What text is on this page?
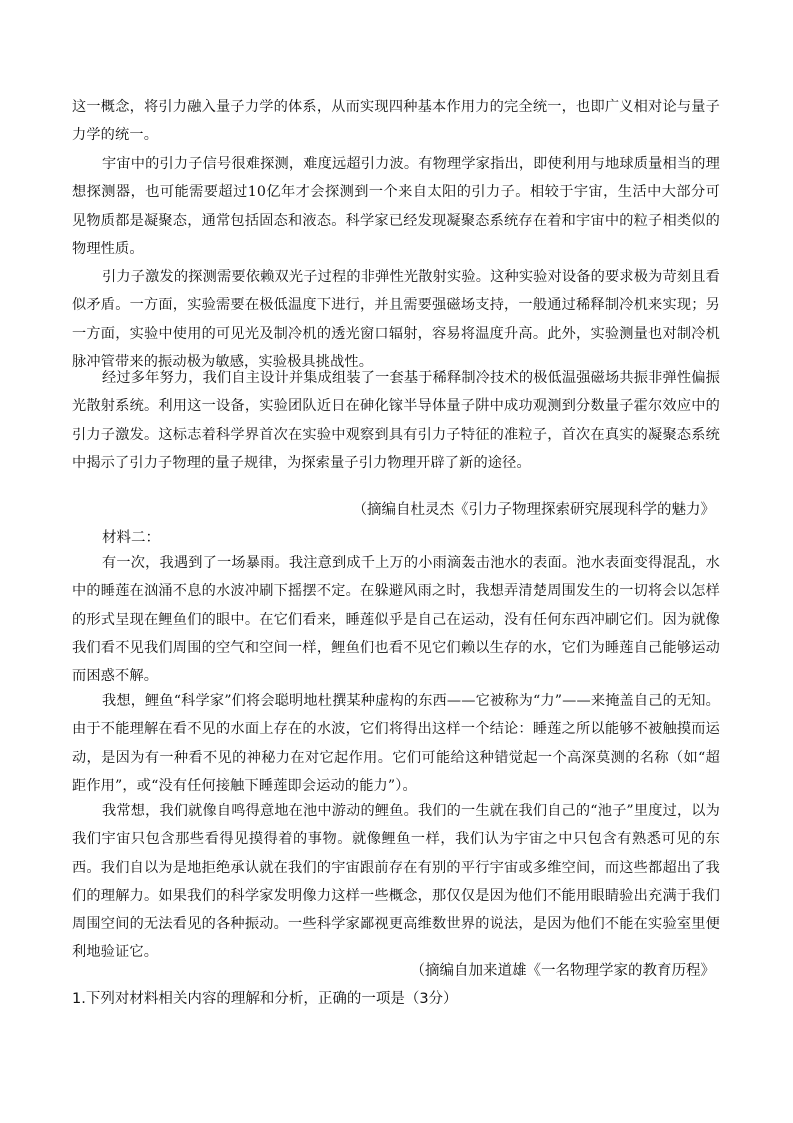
这一概念，将引力融入量子力学的体系，从而实现四种基本作用力的完全统一，也即广义相对论与量子力学的统一。

宇宙中的引力子信号很难探测，难度远超引力波。有物理学家指出，即使利用与地球质量相当的理想探测器，也可能需要超过10亿年才会探测到一个来自太阳的引力子。相较于宇宙，生活中大部分可见物质都是凝聚态，通常包括固态和液态。科学家已经发现凝聚态系统存在着和宇宙中的粒子相类似的物理性质。

引力子激发的探测需要依赖双光子过程的非弹性光散射实验。这种实验对设备的要求极为苛刻且看似矛盾。一方面，实验需要在极低温度下进行，并且需要强磁场支持，一般通过稀释制冷机来实现；另一方面，实验中使用的可见光及制冷机的透光窗口辐射，容易将温度升高。此外，实验测量也对制冷机脉冲管带来的振动极为敏感，实验极具挑战性。

经过多年努力，我们自主设计并集成组装了一套基于稀释制冷技术的极低温强磁场共振非弹性偏振光散射系统。利用这一设备，实验团队近日在砷化镓半导体量子阱中成功观测到分数量子霍尔效应中的引力子激发。这标志着科学界首次在实验中观察到具有引力子特征的准粒子，首次在真实的凝聚态系统中揭示了引力子物理的量子规律，为探索量子引力物理开辟了新的途径。

（摘编自杜灵杰《引力子物理探索研究展现科学的魅力》
材料二：

有一次，我遇到了一场暴雨。我注意到成千上万的小雨滴轰击池水的表面。池水表面变得混乱，水中的睡莲在汹涌不息的水波冲刷下摇摆不定。在躲避风雨之时，我想弄清楚周围发生的一切将会以怎样的形式呈现在鲤鱼们的眼中。在它们看来，睡莲似乎是自己在运动，没有任何东西冲刷它们。因为就像我们看不见我们周围的空气和空间一样，鲤鱼们也看不见它们赖以生存的水，它们为睡莲自己能够运动而困惑不解。

我想，鲤鱼“科学家”们将会聪明地杜撰某种虚构的东西——它被称为“力”——来掩盖自己的无知。由于不能理解在看不见的水面上存在的水波，它们将得出这样一个结论：睡莲之所以能够不被触摸而运动，是因为有一种看不见的神秘力在对它起作用。它们可能给这种错觉起一个高深莫测的名称（如“超距作用”，或“没有任何接触下睡莲即会运动的能力”）。

我常想，我们就像自鸣得意地在池中游动的鲤鱼。我们的一生就在我们自己的“池子”里度过，以为我们宇宙只包含那些看得见摸得着的事物。就像鲤鱼一样，我们认为宇宙之中只包含有熟悉可见的东西。我们自以为是地拒绝承认就在我们的宇宙跟前存在有别的平行宇宙或多维空间，而这些都超出了我们的理解力。如果我们的科学家发明像力这样一些概念，那仅仅是因为他们不能用眼睛验出充满于我们周围空间的无法看见的各种振动。一些科学家鄙视更高维数世界的说法，是因为他们不能在实验室里便利地验证它。

（摘编自加来道雄《一名物理学家的教育历程》
1.下列对材料相关内容的理解和分析，正确的一项是（3分）
